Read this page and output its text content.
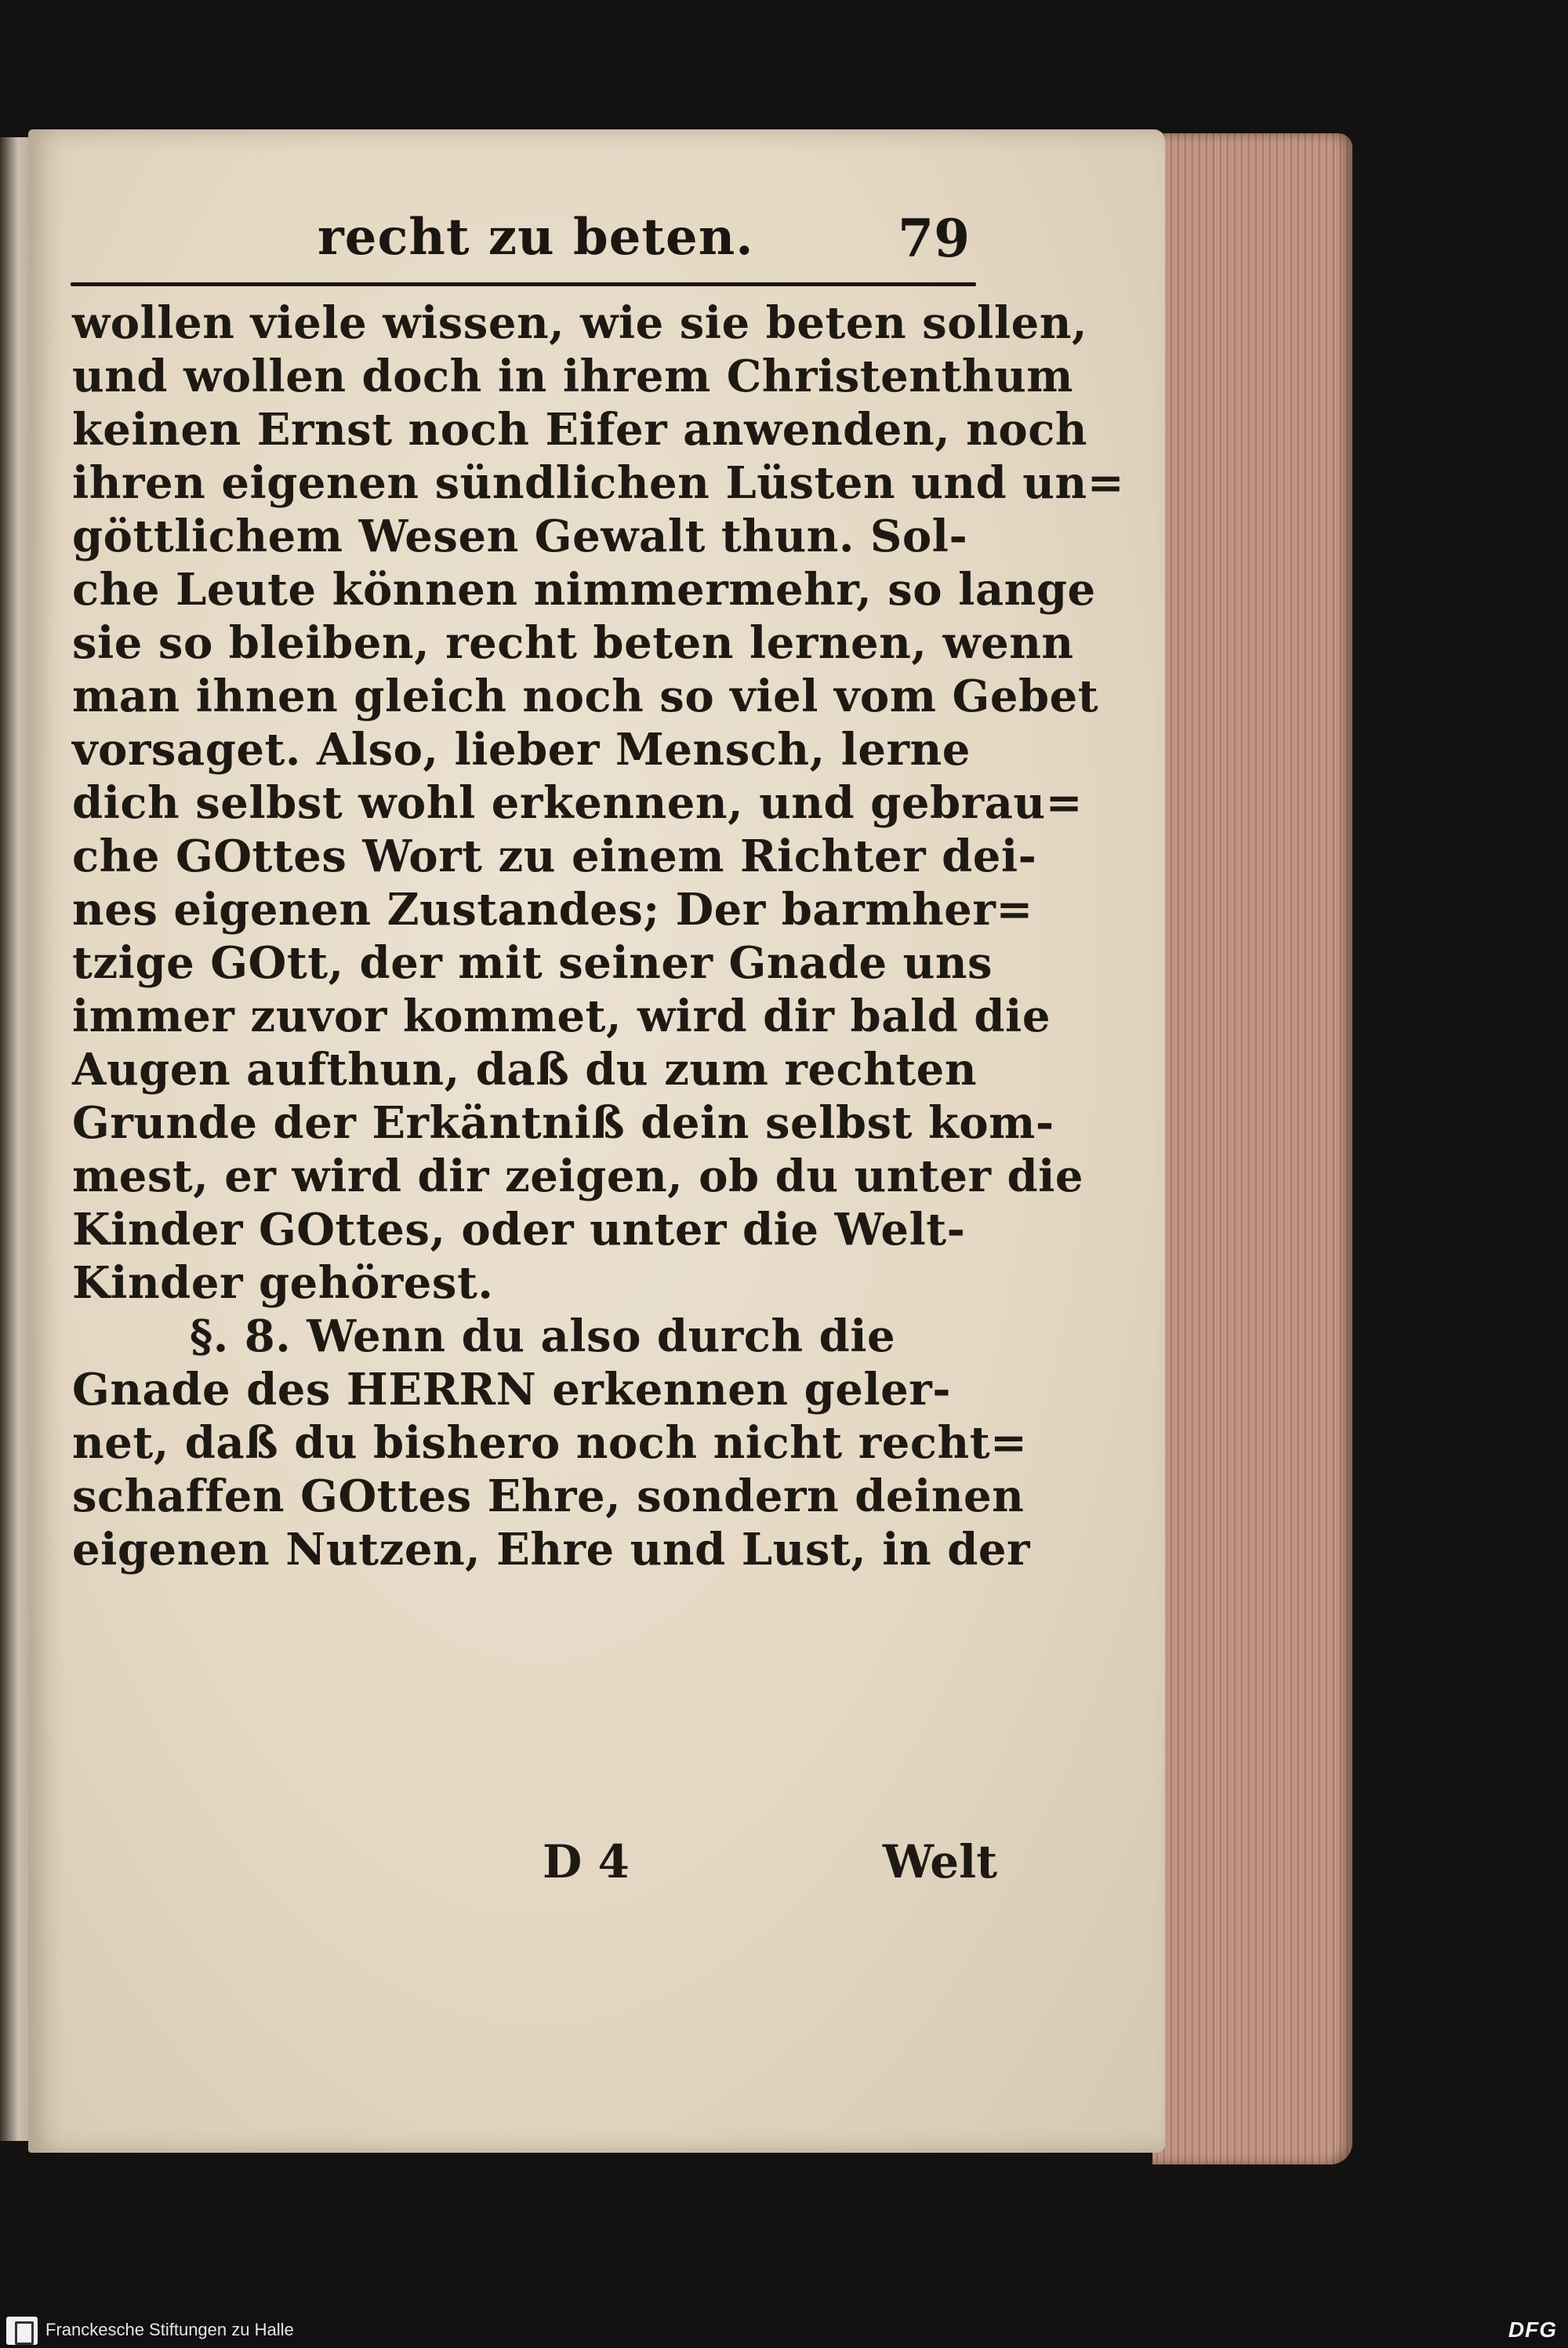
recht zu beten.	79
wollen viele wissen, wie sie beten sollen,
und wollen doch in ihrem Christenthum
keinen Ernst noch Eifer anwenden, noch
ihren eigenen sündlichen Lüsten und un=
göttlichem Wesen Gewalt thun. Sol-
che Leute können nimmermehr, so lange
sie so bleiben, recht beten lernen, wenn
man ihnen gleich noch so viel vom Gebet
vorsaget. Also, lieber Mensch, lerne
dich selbst wohl erkennen, und gebrau=
che GOttes Wort zu einem Richter dei-
nes eigenen Zustandes; Der barmher=
tzige GOtt, der mit seiner Gnade uns
immer zuvor kommet, wird dir bald die
Augen aufthun, daß du zum rechten
Grunde der Erkäntniß dein selbst kom-
mest, er wird dir zeigen, ob du unter die
Kinder GOttes, oder unter die Welt-
Kinder gehörest.
§. 8. Wenn du also durch die
Gnade des HERRN erkennen geler-
net, daß du bishero noch nicht recht=
schaffen GOttes Ehre, sondern deinen
eigenen Nutzen, Ehre und Lust, in der
D 4	Welt
Franckesche Stiftungen zu Halle	DFG
